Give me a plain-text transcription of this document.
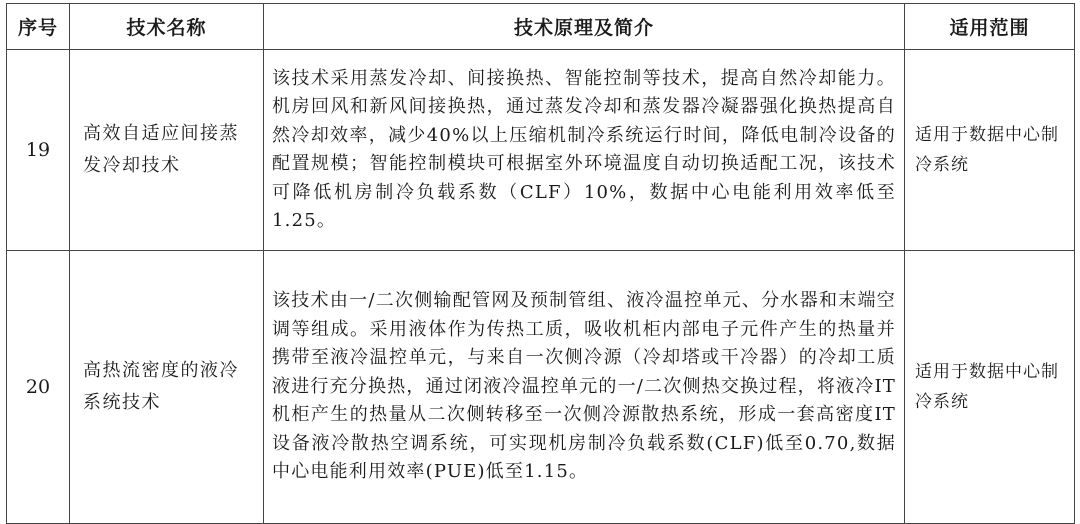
序号	技术名称	技术原理及简介	适用范围
19	高效自适应间接蒸发冷却技术	该技术采用蒸发冷却、间接换热、智能控制等技术，提高自然冷却能力。机房回风和新风间接换热，通过蒸发冷却和蒸发器冷凝器强化换热提高自然冷却效率，减少40%以上压缩机制冷系统运行时间，降低电制冷设备的配置规模；智能控制模块可根据室外环境温度自动切换适配工况，该技术可降低机房制冷负载系数（CLF）10%，数据中心电能利用效率低至1.25。	适用于数据中心制冷系统
20	高热流密度的液冷系统技术	该技术由一/二次侧输配管网及预制管组、液冷温控单元、分水器和末端空调等组成。采用液体作为传热工质，吸收机柜内部电子元件产生的热量并携带至液冷温控单元，与来自一次侧冷源（冷却塔或干冷器）的冷却工质液进行充分换热，通过闭液冷温控单元的一/二次侧热交换过程，将液冷IT机柜产生的热量从二次侧转移至一次侧冷源散热系统，形成一套高密度IT设备液冷散热空调系统，可实现机房制冷负载系数(CLF)低至0.70,数据中心电能利用效率(PUE)低至1.15。	适用于数据中心制冷系统
